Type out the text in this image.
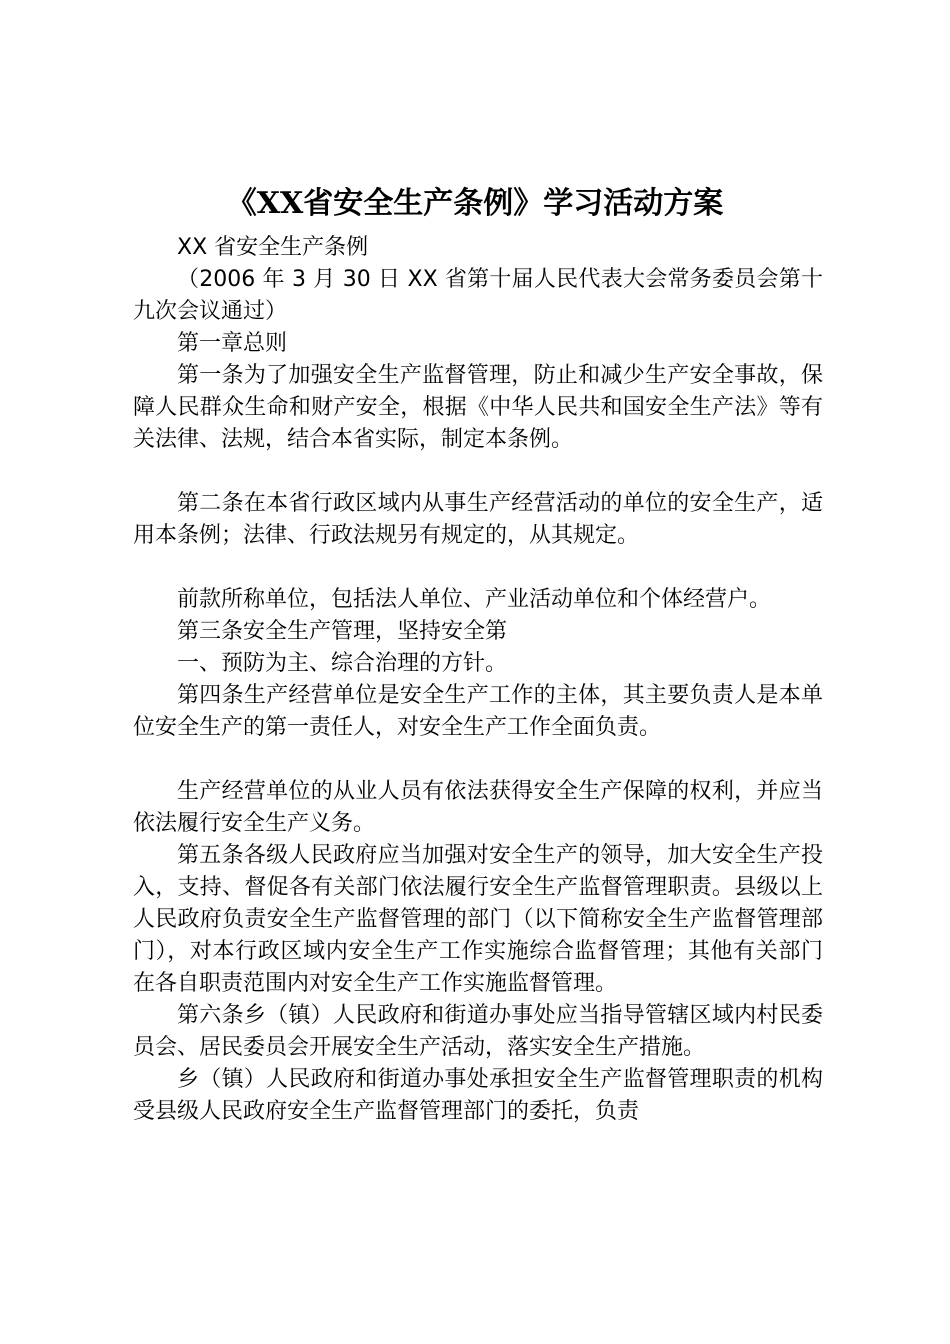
《XX省安全生产条例》学习活动方案

XX 省安全生产条例

（2006 年 3 月 30 日 XX 省第十届人民代表大会常务委员会第十九次会议通过）

第一章总则

第一条为了加强安全生产监督管理，防止和减少生产安全事故，保障人民群众生命和财产安全，根据《中华人民共和国安全生产法》等有关法律、法规，结合本省实际，制定本条例。

第二条在本省行政区域内从事生产经营活动的单位的安全生产，适用本条例；法律、行政法规另有规定的，从其规定。

前款所称单位，包括法人单位、产业活动单位和个体经营户。

第三条安全生产管理，坚持安全第

一、预防为主、综合治理的方针。

第四条生产经营单位是安全生产工作的主体，其主要负责人是本单位安全生产的第一责任人，对安全生产工作全面负责。

生产经营单位的从业人员有依法获得安全生产保障的权利，并应当依法履行安全生产义务。

第五条各级人民政府应当加强对安全生产的领导，加大安全生产投入，支持、督促各有关部门依法履行安全生产监督管理职责。县级以上人民政府负责安全生产监督管理的部门（以下简称安全生产监督管理部门），对本行政区域内安全生产工作实施综合监督管理；其他有关部门在各自职责范围内对安全生产工作实施监督管理。

第六条乡（镇）人民政府和街道办事处应当指导管辖区域内村民委员会、居民委员会开展安全生产活动，落实安全生产措施。

乡（镇）人民政府和街道办事处承担安全生产监督管理职责的机构受县级人民政府安全生产监督管理部门的委托，负责
